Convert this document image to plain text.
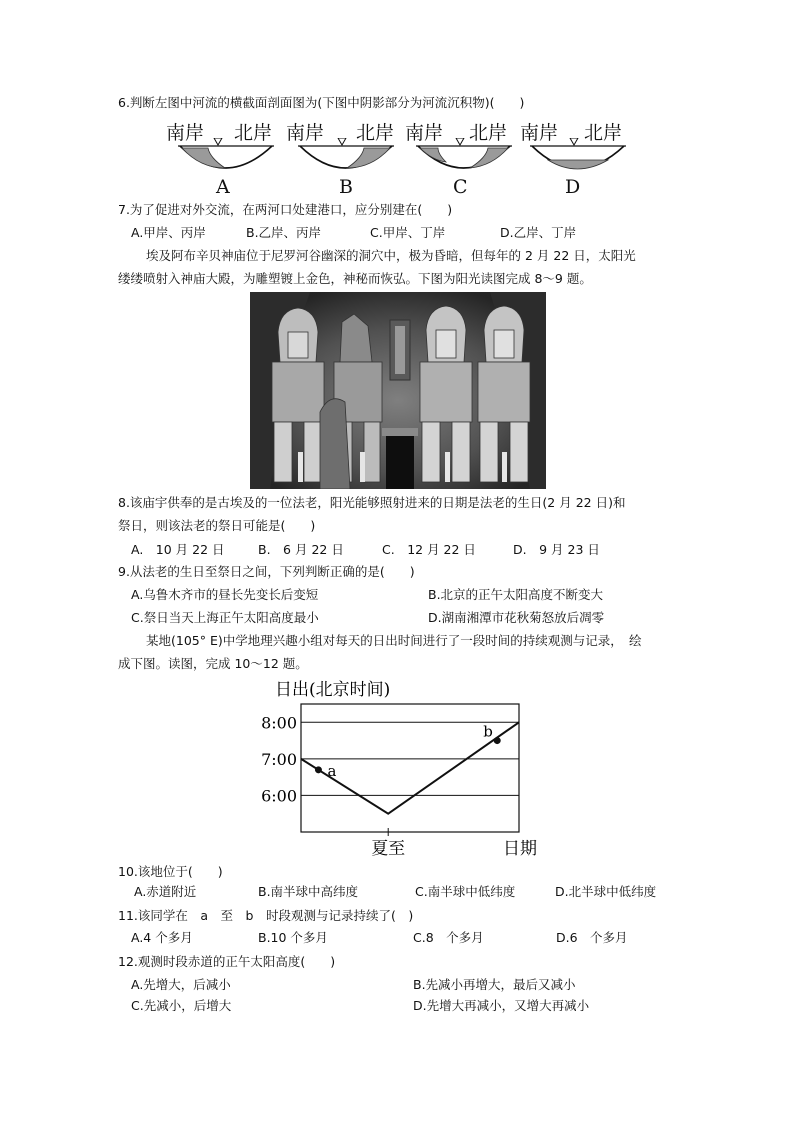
6.判断左图中河流的横截面剖面图为(下图中阴影部分为河流沉积物)(　　)
南岸 北岸 南岸 北岸 南岸 北岸 南岸 北岸
A	B	C	D
7.为了促进对外交流，在两河口处建港口，应分别建在(　　)
A.甲岸、丙岸	B.乙岸、丙岸	C.甲岸、丁岸	D.乙岸、丁岸
埃及阿布辛贝神庙位于尼罗河谷幽深的洞穴中，极为昏暗，但每年的 2 月 22 日，太阳光
缕缕喷射入神庙大殿，为雕塑镀上金色，神秘而恢弘。下图为阳光读图完成 8～9 题。
8.该庙宇供奉的是古埃及的一位法老，阳光能够照射进来的日期是法老的生日(2 月 22 日)和
祭日，则该法老的祭日可能是(　　)
A.　10 月 22 日	B.　6 月 22 日	C.　12 月 22 日	D.　9 月 23 日
9.从法老的生日至祭日之间，下列判断正确的是(　　)
A.乌鲁木齐市的昼长先变长后变短	B.北京的正午太阳高度不断变大
C.祭日当天上海正午太阳高度最小	D.湖南湘潭市花秋菊怒放后凋零
某地(105° E)中学地理兴趣小组对每天的日出时间进行了一段时间的持续观测与记录，　绘
成下图。读图，完成 10～12 题。
日出(北京时间)
6:00
7:00
8:00
a
b
夏至	日期
10.该地位于(　　)
A.赤道附近	B.南半球中高纬度	C.南半球中低纬度	D.北半球中低纬度
11.该同学在　a　至　b　时段观测与记录持续了(　)
A.4 个多月	B.10 个多月	C.8　个多月	D.6　个多月
12.观测时段赤道的正午太阳高度(　　)
A.先增大，后减小	B.先减小再增大，最后又减小
C.先减小，后增大	D.先增大再减小，又增大再减小
